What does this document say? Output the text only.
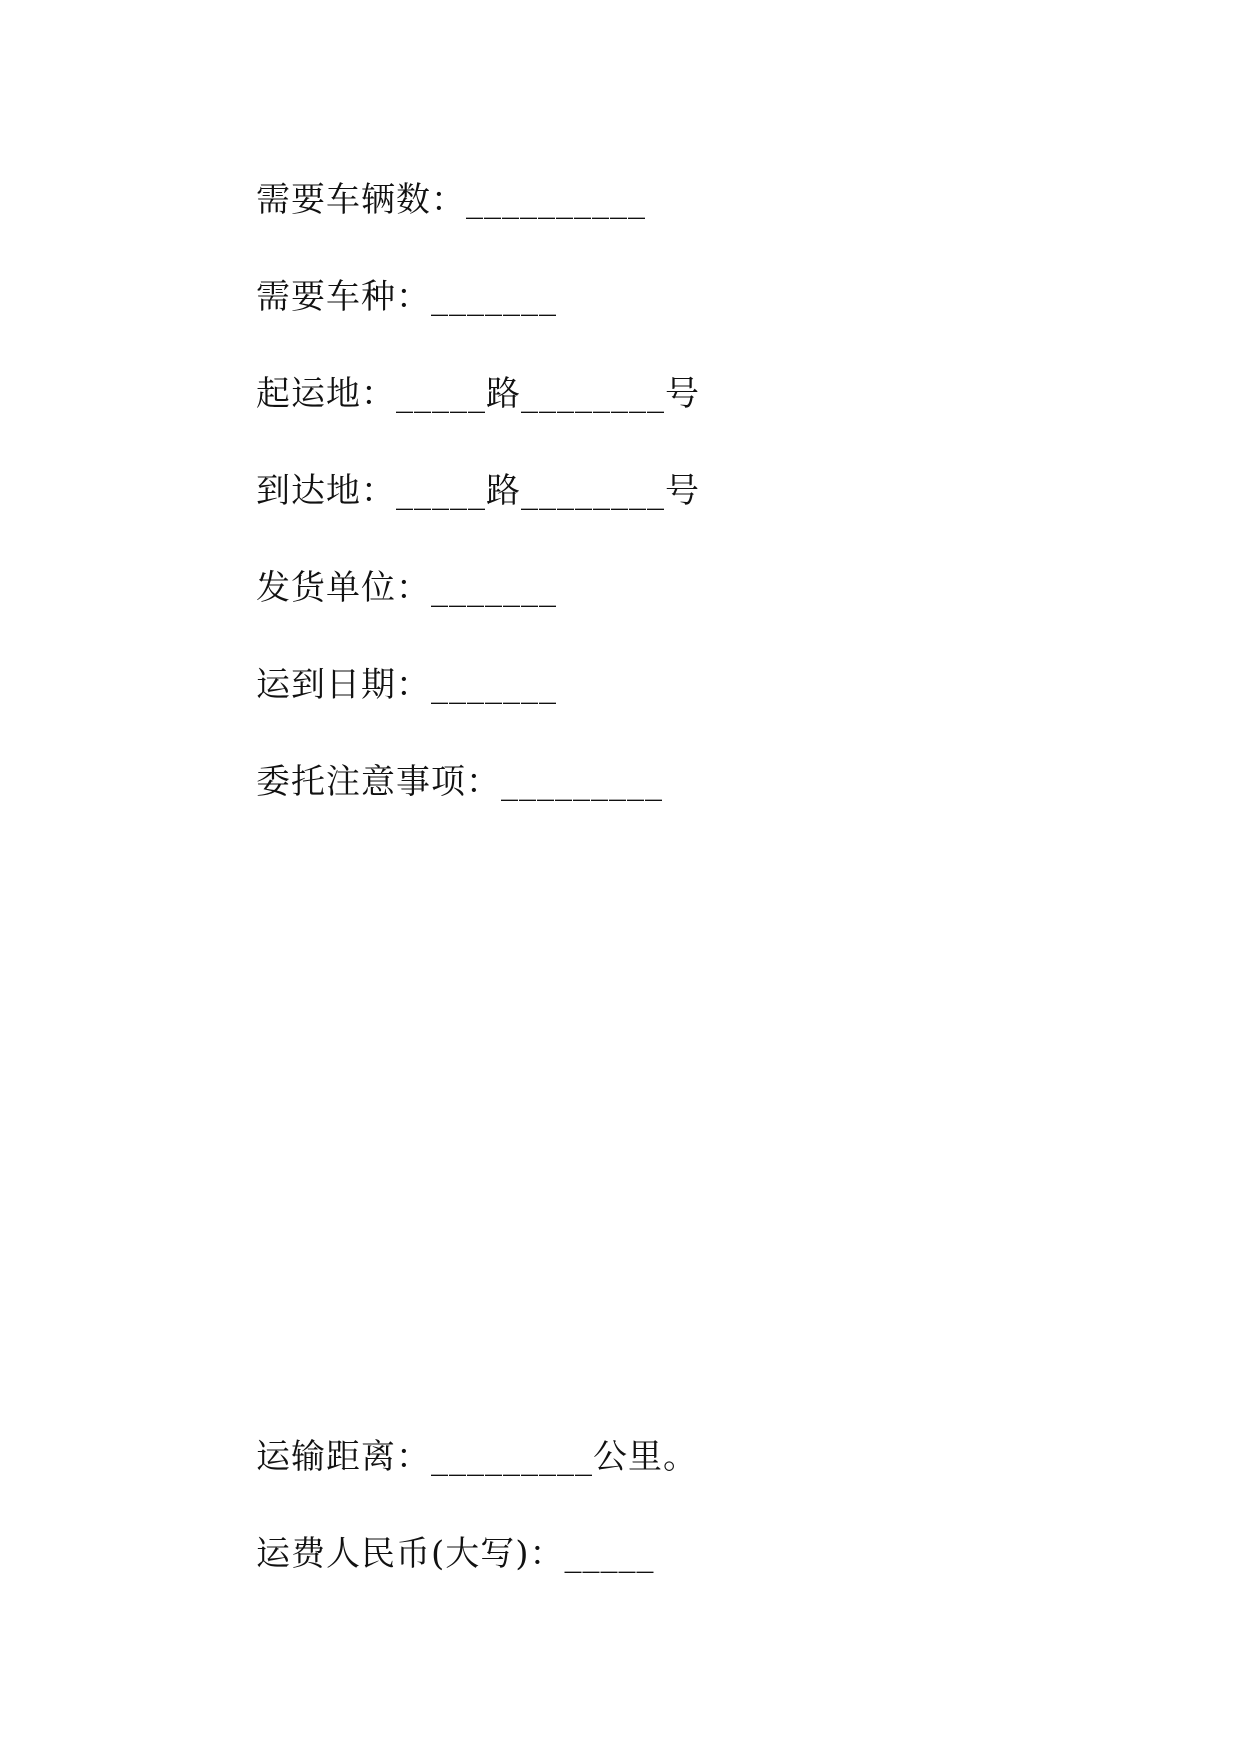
需要车辆数：__________
需要车种：_______
起运地：_____路________号
到达地：_____路________号
发货单位：_______
运到日期：_______
委托注意事项：_________
运输距离：_________公里。
运费人民币(大写)：_____
